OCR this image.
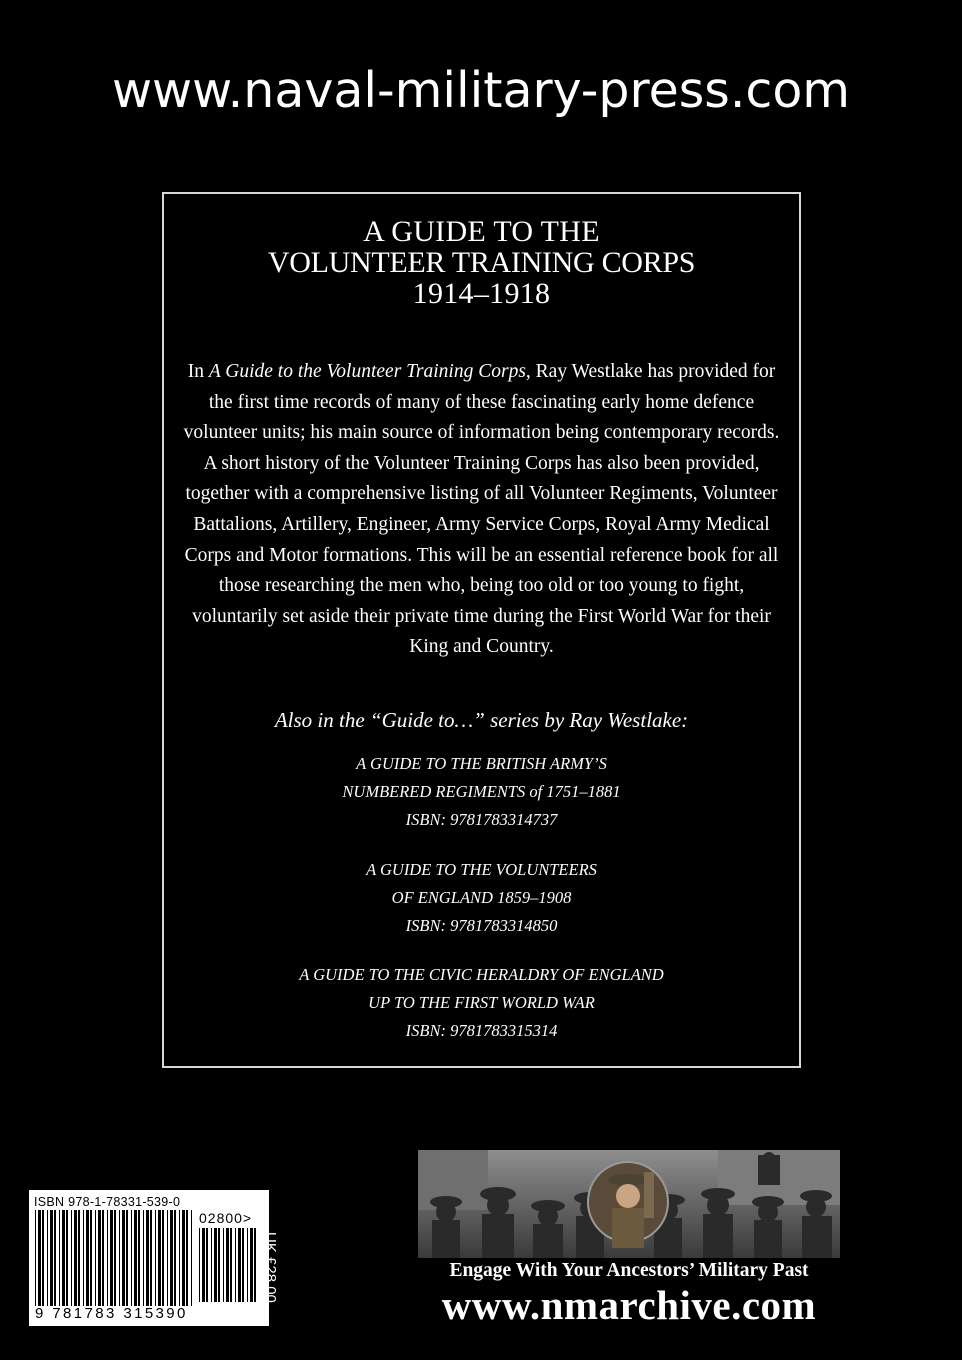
www.naval-military-press.com
A GUIDE TO THE
VOLUNTEER TRAINING CORPS
1914–1918

In A Guide to the Volunteer Training Corps, Ray Westlake has provided for the first time records of many of these fascinating early home defence volunteer units; his main source of information being contemporary records. A short history of the Volunteer Training Corps has also been provided, together with a comprehensive listing of all Volunteer Regiments, Volunteer Battalions, Artillery, Engineer, Army Service Corps, Royal Army Medical Corps and Motor formations. This will be an essential reference book for all those researching the men who, being too old or too young to fight, voluntarily set aside their private time during the First World War for their King and Country.

Also in the “Guide to…” series by Ray Westlake:
A GUIDE TO THE BRITISH ARMY’S
NUMBERED REGIMENTS of 1751–1881
ISBN: 9781783314737
A GUIDE TO THE VOLUNTEERS
OF ENGLAND 1859–1908
ISBN: 9781783314850
A GUIDE TO THE CIVIC HERALDRY OF ENGLAND
UP TO THE FIRST WORLD WAR
ISBN: 9781783315314
ISBN 978-1-78331-539-0
02800>
9 781783 315390
UK £28.00	Engage With Your Ancestors’ Military Past
www.nmarchive.com
